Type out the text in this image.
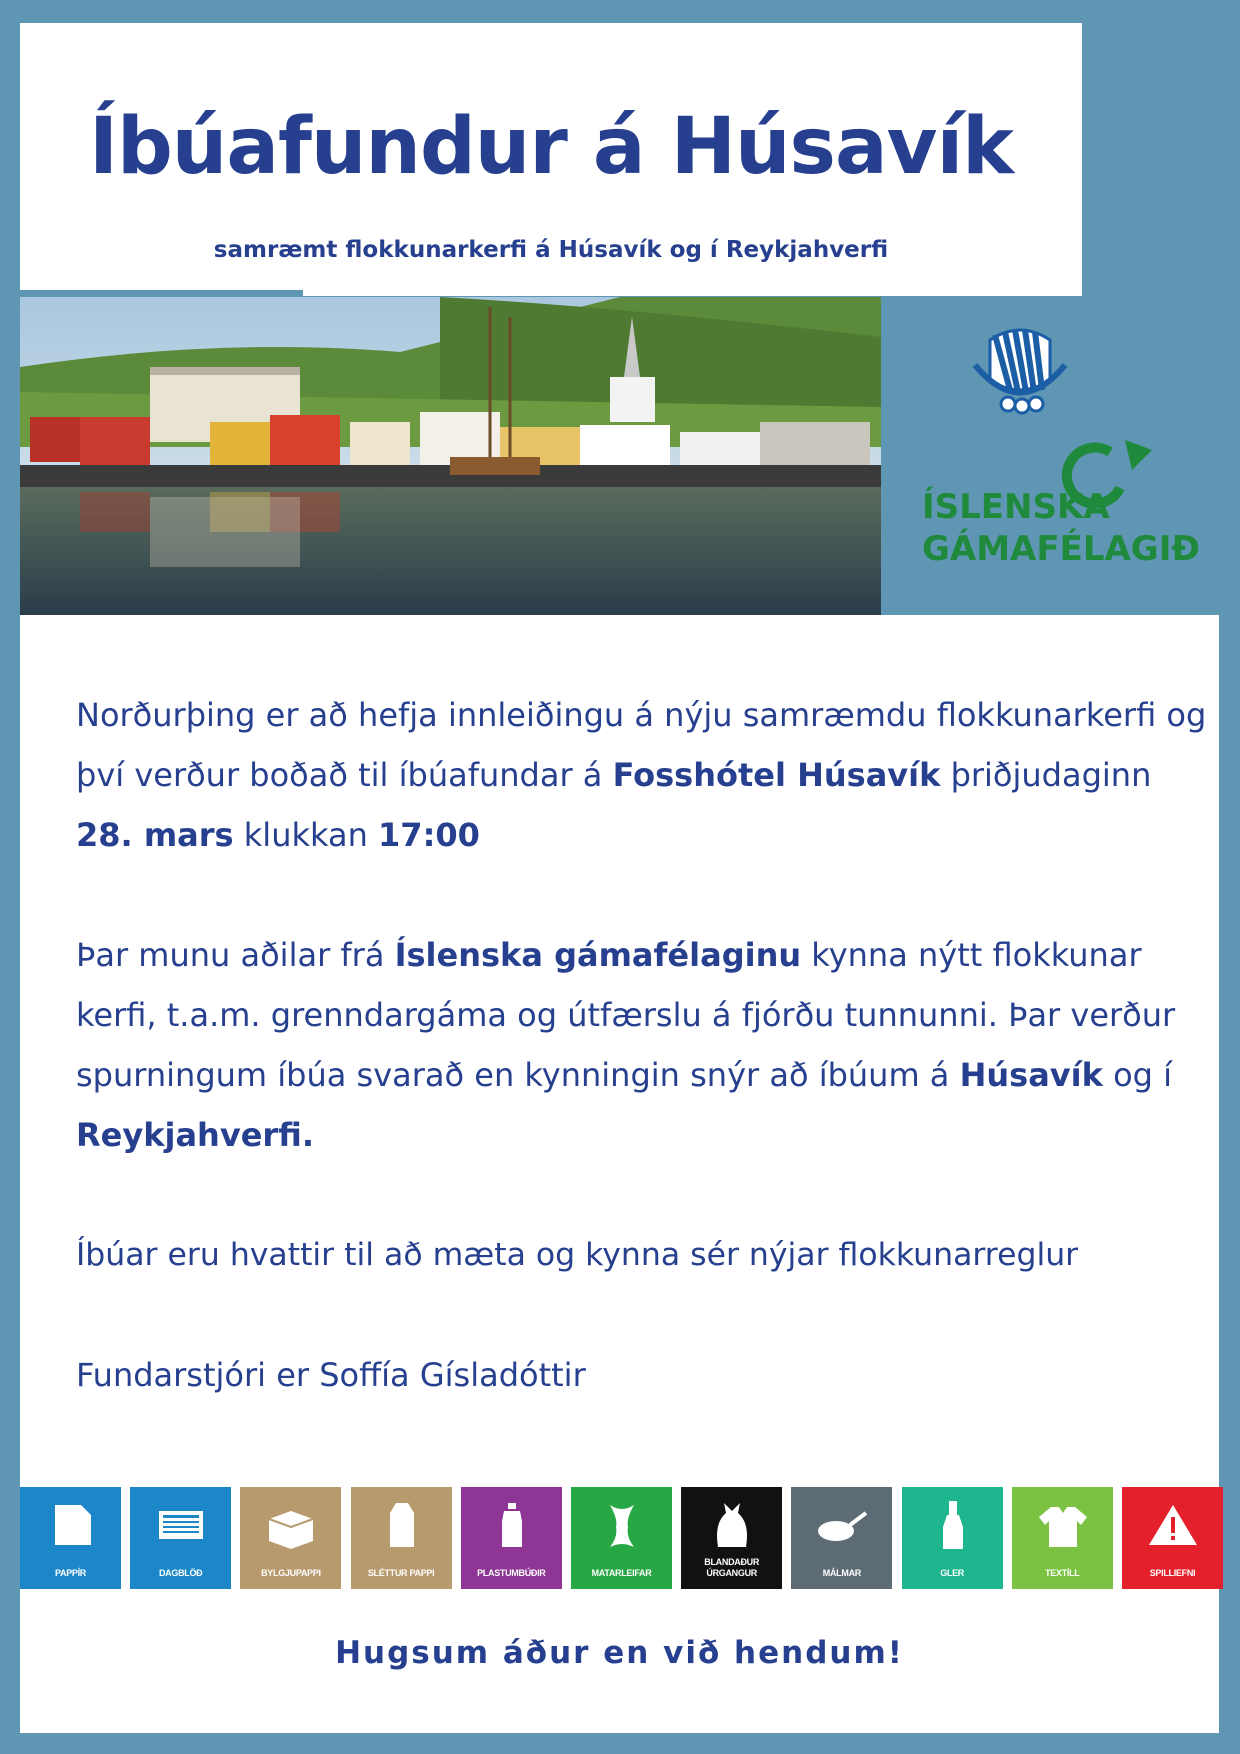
Íbúafundur á Húsavík

samræmt flokkunarkerfi á Húsavík og í Reykjahverfi

ÍSLENSKA
GÁMAFÉLAGIÐ

Norðurþing er að hefja innleiðingu á nýju samræmdu flokkunarkerfi og því verður boðað til íbúafundar á Fosshótel Húsavík þriðjudaginn 28. mars klukkan 17:00

Þar munu aðilar frá Íslenska gámafélaginu kynna nýtt flokkunar kerfi, t.a.m. grenndargáma og útfærslu á fjórðu tunnunni. Þar verður spurningum íbúa svarað en kynningin snýr að íbúum á Húsavík og í Reykjahverfi.

Íbúar eru hvattir til að mæta og kynna sér nýjar flokkunarreglur

Fundarstjóri er Soffía Gísladóttir

PAPPÍR	DAGBLÖÐ	BYLGJUPAPPI	SLÉTTUR PAPPI	PLASTUMBÚÐIR	MATARLEIFAR
BLANDAÐUR ÚRGANGUR	MÁLMAR	GLER	TEXTÍLL	SPILLIEFNI
Hugsum áður en við hendum!
